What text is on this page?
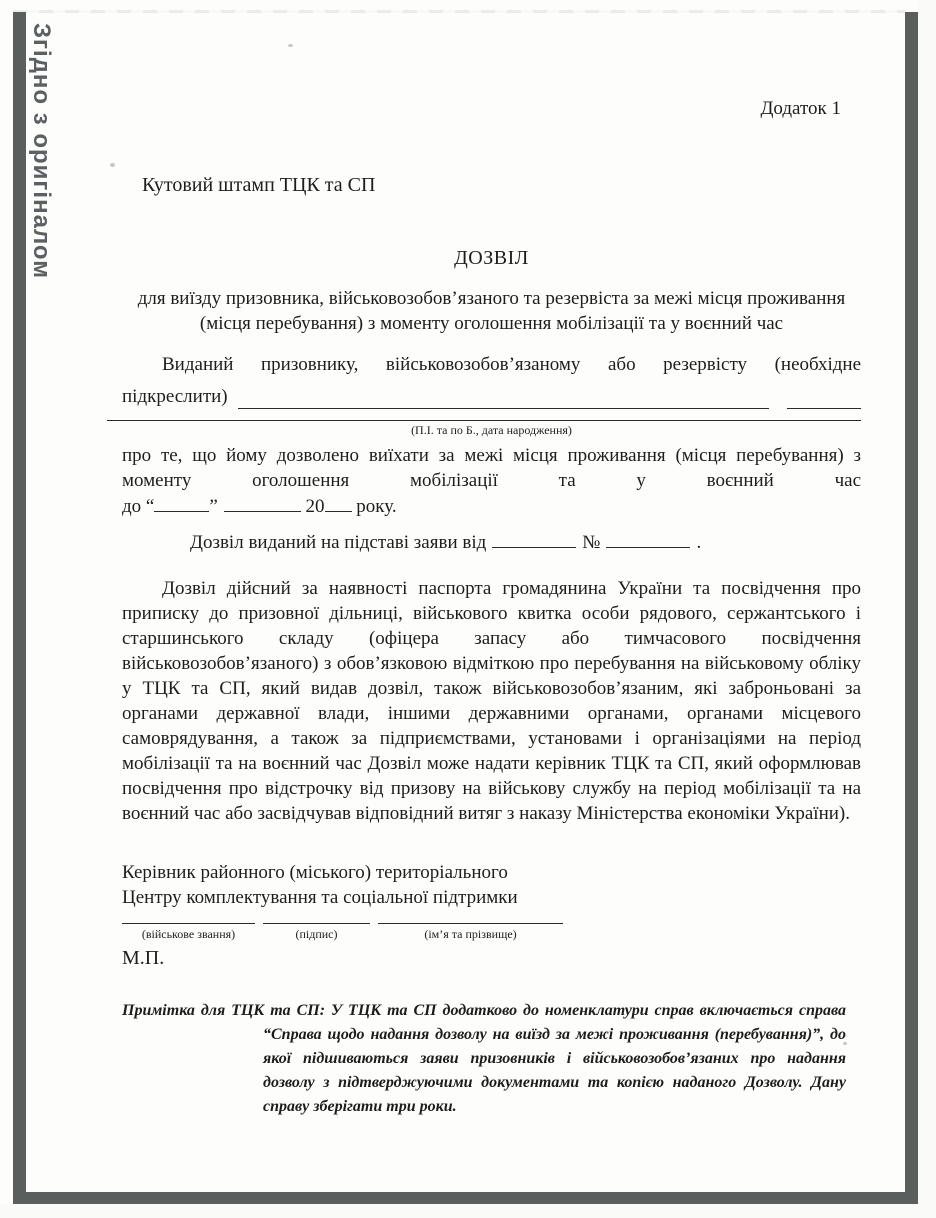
Згідно з оригіналом	Додаток 1
Кутовий штамп ТЦК та СП
ДОЗВІЛ

для виїзду призовника, військовозобов’язаного та резервіста за межі місця проживання (місця перебування) з моменту оголошення мобілізації та у воєнний час

Виданий призовнику, військовозобов’язаному або резервісту (необхідне

підкреслити)
(П.І. та по Б., дата народження)

про те, що йому дозволено виїхати за межі місця проживання (місця перебування) з моменту оголошення мобілізації та у воєнний час

до “	”	20 року.
Дозвіл виданий на підставі заяви від	№	.

Дозвіл дійсний за наявності паспорта громадянина України та посвідчення про приписку до призовної дільниці, військового квитка особи рядового, сержантського і старшинського складу (офіцера запасу або тимчасового посвідчення військовозобов’язаного) з обов’язковою відміткою про перебування на військовому обліку у ТЦК та СП, який видав дозвіл, також військовозобов’язаним, які заброньовані за органами державної влади, іншими державними органами, органами місцевого самоврядування, а також за підприємствами, установами і організаціями на період мобілізації та на воєнний час Дозвіл може надати керівник ТЦК та СП, який оформлював посвідчення про відстрочку від призову на військову службу на період мобілізації та на воєнний час або засвідчував відповідний витяг з наказу Міністерства економіки України).

Керівник районного (міського) територіального
Центру комплектування та соціальної підтримки
(військове звання)	(підпис)	(ім’я та прізвище)
М.П.
Примітка для ТЦК та СП: У ТЦК та СП додатково до номенклатури справ включається справа “Справа щодо надання дозволу на виїзд за межі проживання (перебування)”, до якої підшиваються заяви призовників і військовозобов’язаних про надання дозволу з підтверджуючими документами та копією наданого Дозволу. Дану справу зберігати три роки.
